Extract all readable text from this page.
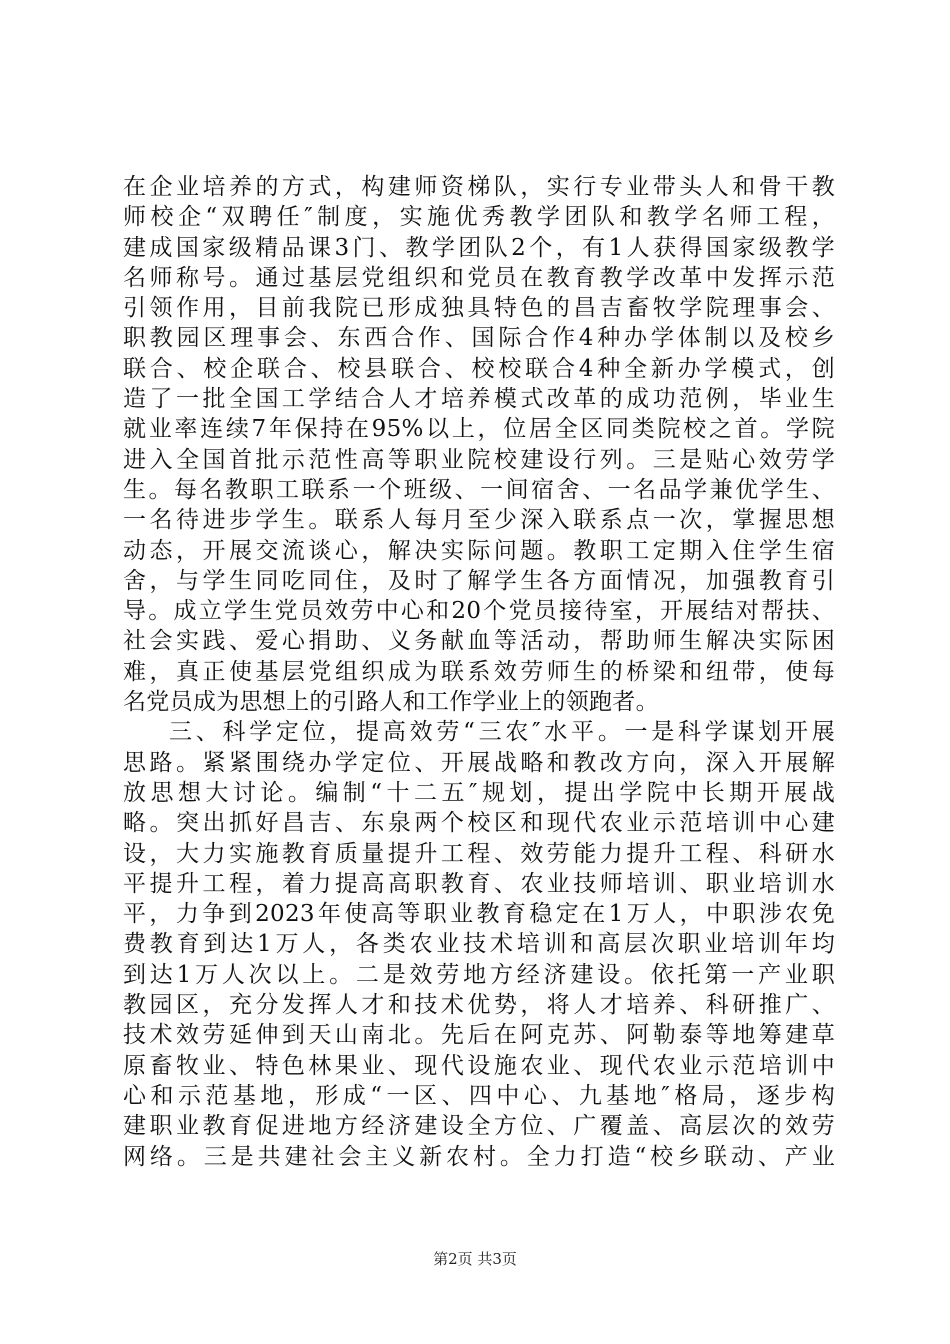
在企业培养的方式，构建师资梯队，实行专业带头人和骨干教
师校企“双聘任″制度，实施优秀教学团队和教学名师工程，
建成国家级精品课3门、教学团队2个，有1人获得国家级教学
名师称号。通过基层党组织和党员在教育教学改革中发挥示范
引领作用，目前我院已形成独具特色的昌吉畜牧学院理事会、
职教园区理事会、东西合作、国际合作4种办学体制以及校乡
联合、校企联合、校县联合、校校联合4种全新办学模式，创
造了一批全国工学结合人才培养模式改革的成功范例，毕业生
就业率连续7年保持在95%以上，位居全区同类院校之首。学院
进入全国首批示范性高等职业院校建设行列。三是贴心效劳学
生。每名教职工联系一个班级、一间宿舍、一名品学兼优学生、
一名待进步学生。联系人每月至少深入联系点一次，掌握思想
动态，开展交流谈心，解决实际问题。教职工定期入住学生宿
舍，与学生同吃同住，及时了解学生各方面情况，加强教育引
导。成立学生党员效劳中心和20个党员接待室，开展结对帮扶、
社会实践、爱心捐助、义务献血等活动，帮助师生解决实际困
难，真正使基层党组织成为联系效劳师生的桥梁和纽带，使每
名党员成为思想上的引路人和工作学业上的领跑者。
三、科学定位，提高效劳“三农″水平。一是科学谋划开展
思路。紧紧围绕办学定位、开展战略和教改方向，深入开展解
放思想大讨论。编制“十二五″规划，提出学院中长期开展战
略。突出抓好昌吉、东泉两个校区和现代农业示范培训中心建
设，大力实施教育质量提升工程、效劳能力提升工程、科研水
平提升工程，着力提高高职教育、农业技师培训、职业培训水
平，力争到2023年使高等职业教育稳定在1万人，中职涉农免
费教育到达1万人，各类农业技术培训和高层次职业培训年均
到达1万人次以上。二是效劳地方经济建设。依托第一产业职
教园区，充分发挥人才和技术优势，将人才培养、科研推广、
技术效劳延伸到天山南北。先后在阿克苏、阿勒泰等地筹建草
原畜牧业、特色林果业、现代设施农业、现代农业示范培训中
心和示范基地，形成“一区、四中心、九基地″格局，逐步构
建职业教育促进地方经济建设全方位、广覆盖、高层次的效劳
网络。三是共建社会主义新农村。全力打造“校乡联动、产业
第2页 共3页
